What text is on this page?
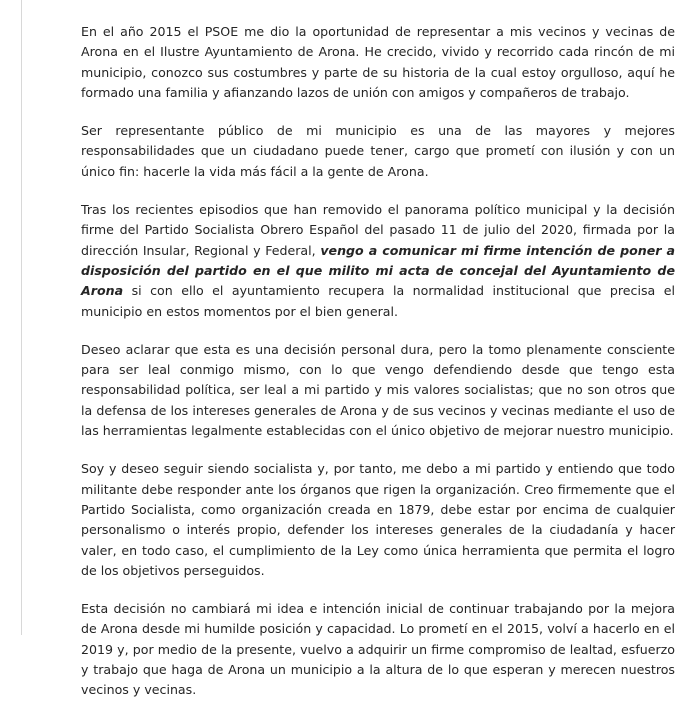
En el año 2015 el PSOE me dio la oportunidad de representar a mis vecinos y vecinas de Arona en el Ilustre Ayuntamiento de Arona. He crecido, vivido y recorrido cada rincón de mi municipio, conozco sus costumbres y parte de su historia de la cual estoy orgulloso, aquí he formado una familia y afianzando lazos de unión con amigos y compañeros de trabajo.

Ser representante público de mi municipio es una de las mayores y mejores responsabilidades que un ciudadano puede tener, cargo que prometí con ilusión y con un único fin: hacerle la vida más fácil a la gente de Arona.

Tras los recientes episodios que han removido el panorama político municipal y la decisión firme del Partido Socialista Obrero Español del pasado 11 de julio del 2020, firmada por la dirección Insular, Regional y Federal, vengo a comunicar mi firme intención de poner a disposición del partido en el que milito mi acta de concejal del Ayuntamiento de Arona si con ello el ayuntamiento recupera la normalidad institucional que precisa el municipio en estos momentos por el bien general.

Deseo aclarar que esta es una decisión personal dura, pero la tomo plenamente consciente para ser leal conmigo mismo, con lo que vengo defendiendo desde que tengo esta responsabilidad política, ser leal a mi partido y mis valores socialistas; que no son otros que la defensa de los intereses generales de Arona y de sus vecinos y vecinas mediante el uso de las herramientas legalmente establecidas con el único objetivo de mejorar nuestro municipio.

Soy y deseo seguir siendo socialista y, por tanto, me debo a mi partido y entiendo que todo militante debe responder ante los órganos que rigen la organización. Creo firmemente que el Partido Socialista, como organización creada en 1879, debe estar por encima de cualquier personalismo o interés propio, defender los intereses generales de la ciudadanía y hacer valer, en todo caso, el cumplimiento de la Ley como única herramienta que permita el logro de los objetivos perseguidos.

Esta decisión no cambiará mi idea e intención inicial de continuar trabajando por la mejora de Arona desde mi humilde posición y capacidad. Lo prometí en el 2015, volví a hacerlo en el 2019 y, por medio de la presente, vuelvo a adquirir un firme compromiso de lealtad, esfuerzo y trabajo que haga de Arona un municipio a la altura de lo que esperan y merecen nuestros vecinos y vecinas.
